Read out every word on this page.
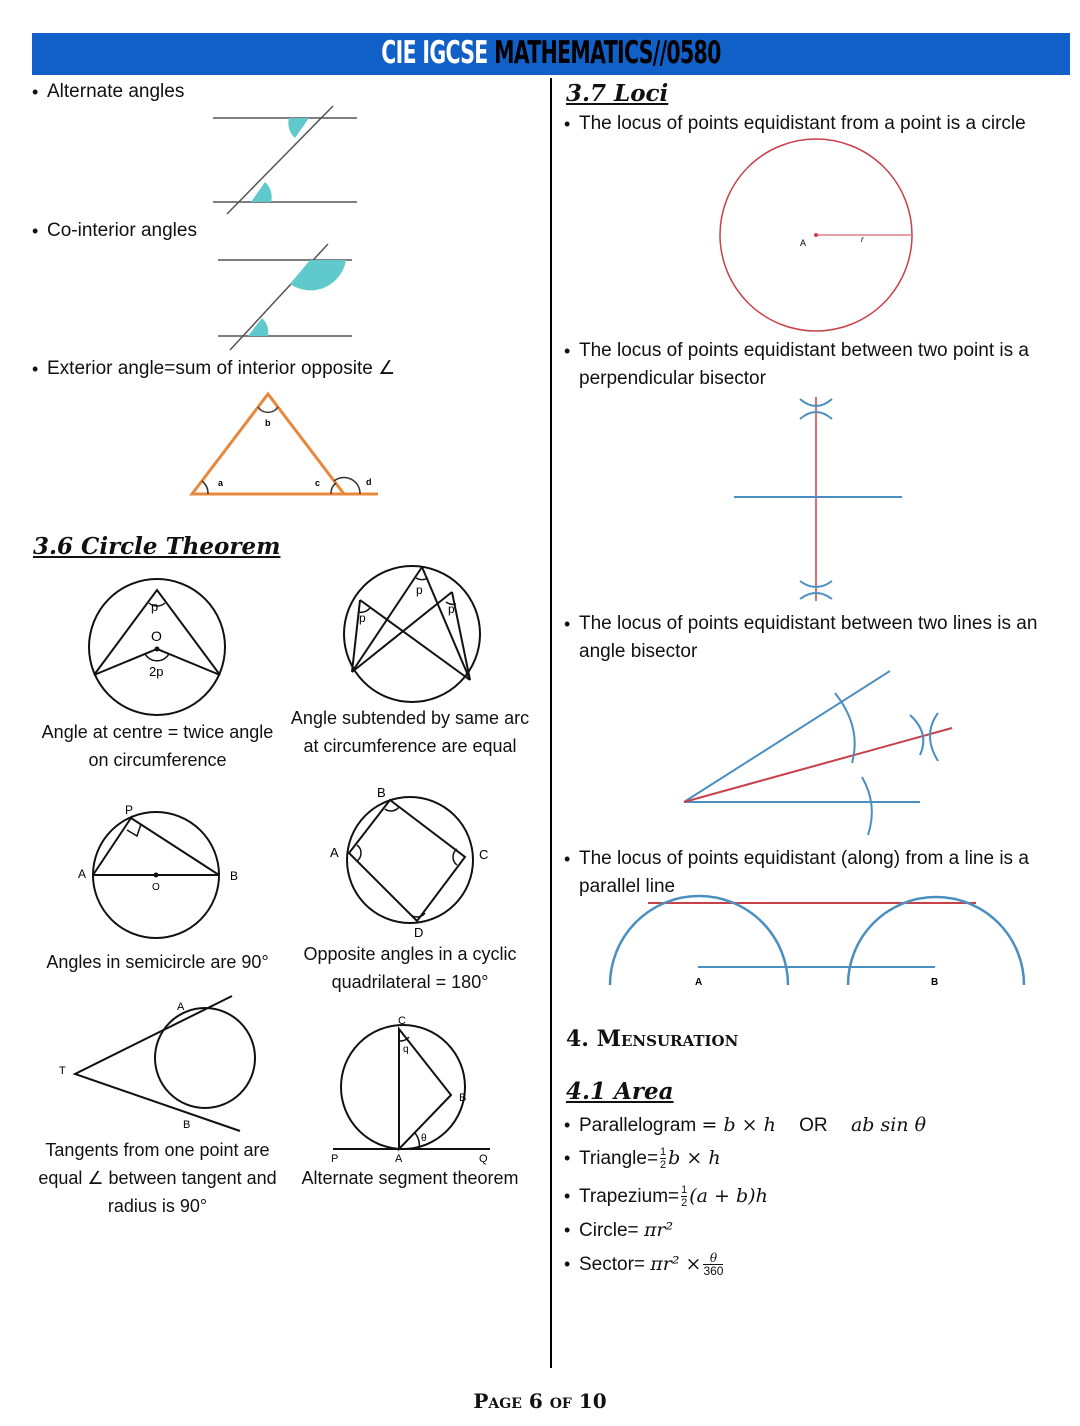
CIE IGCSE MATHEMATICS//0580
• Alternate angles
• Co-interior angles
• Exterior angle=sum of interior opposite ∠
a
b
c	d
3.6 Circle Theorem
p
O
2p
Angle at centre = twice angle on circumference
p
p
p
Angle subtended by same arc at circumference are equal
P
A	B
O
Angles in semicircle are 90°
B
A	C
D
Opposite angles in a cyclic quadrilateral = 180°
A
T
B
Tangents from one point are equal ∠ between tangent and radius is 90°
C
B
P	A	Q
q
θ
Alternate segment theorem
3.7 Loci
• The locus of points equidistant from a point is a circle
A	r
• The locus of points equidistant between two point is a perpendicular bisector
• The locus of points equidistant between two lines is an angle bisector
• The locus of points equidistant (along) from a line is a parallel line
A	B
4. Mensuration
4.1 Area
• Parallelogram = b × h OR ab sin θ
• Triangle= $\frac{1}{2}$ b × h
• Trapezium= $\frac{1}{2} (a + b)h$
• Circle= πr²
• Sector= $\pi r^2 \times \frac{\theta}{360}$
Page 6 of 10
